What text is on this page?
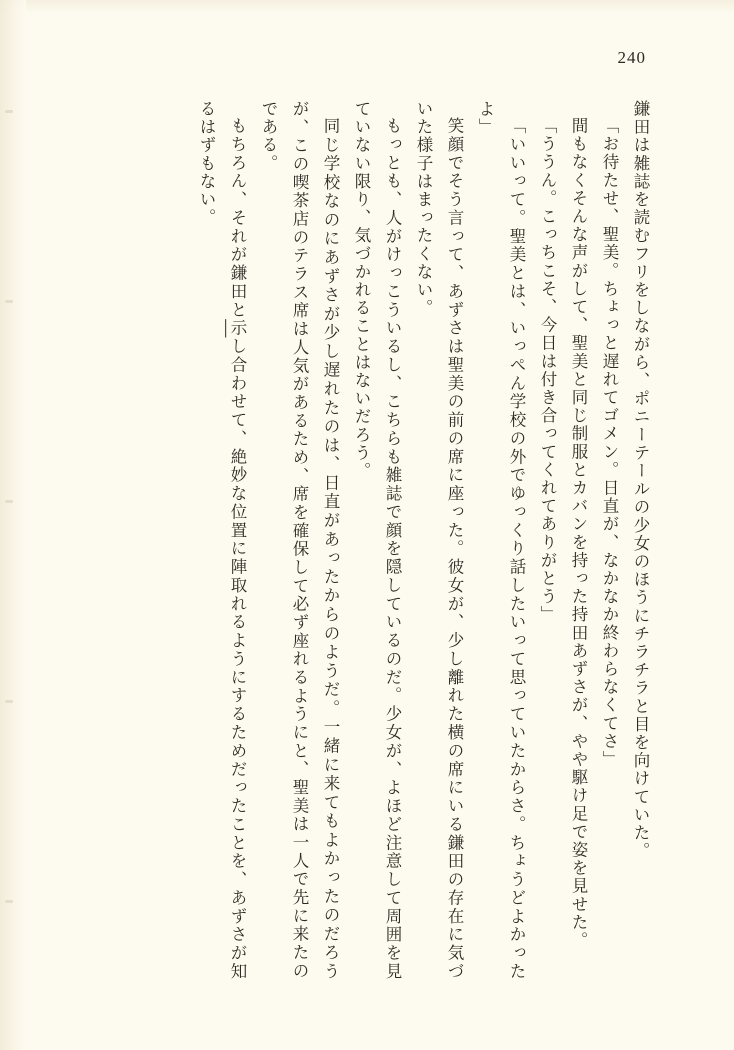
240

鎌田は雑誌を読むフリをしながら、ポニーテールの少女のほうにチラチラと目を向けていた。

「お待たせ、聖美。ちょっと遅れてゴメン。日直が、なかなか終わらなくてさ」

間もなくそんな声がして、聖美と同じ制服とカバンを持った持田あずさが、やや駆け足で姿を見せた。

「ううん。こっちこそ、今日は付き合ってくれてありがとう」

「いいって。聖美とは、いっぺん学校の外でゆっくり話したいって思っていたからさ。ちょうどよかったよ」

笑顔でそう言って、あずさは聖美の前の席に座った。彼女が、少し離れた横の席にいる鎌田の存在に気づいた様子はまったくない。

もっとも、人がけっこういるし、こちらも雑誌で顔を隠しているのだ。少女が、よほど注意して周囲を見ていない限り、気づかれることはないだろう。

同じ学校なのにあずさが少し遅れたのは、日直があったからのようだ。一緒に来てもよかったのだろうが、この喫茶店のテラス席は人気があるため、席を確保して必ず座れるようにと、聖美は一人で先に来たのである。

もちろん、それが鎌田と示し合わせて、絶妙な位置に陣取れるようにするためだったことを、あずさが知るはずもない。
